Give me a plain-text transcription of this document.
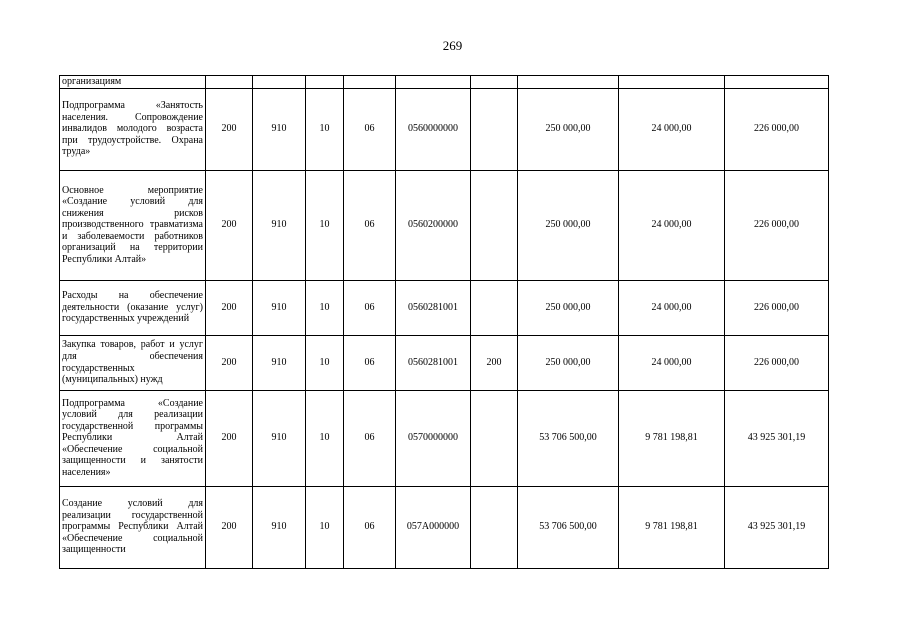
269
организациям									
Подпрограмма «Занятость населения. Сопровождение инвалидов молодого возраста при трудоустройстве. Охрана труда»	200	910	10	06	0560000000		250 000,00	24 000,00	226 000,00
Основное мероприятие «Создание условий для снижения рисков производственного травматизма и заболеваемости работников организаций на территории Республики Алтай»	200	910	10	06	0560200000		250 000,00	24 000,00	226 000,00
Расходы на обеспечение деятельности (оказание услуг) государственных учреждений	200	910	10	06	0560281001		250 000,00	24 000,00	226 000,00
Закупка товаров, работ и услуг для обеспечения государственных (муниципальных) нужд	200	910	10	06	0560281001	200	250 000,00	24 000,00	226 000,00
Подпрограмма «Создание условий для реализации государственной программы Республики Алтай «Обеспечение социальной защищенности и занятости населения»	200	910	10	06	0570000000		53 706 500,00	9 781 198,81	43 925 301,19
Создание условий для реализации государственной программы Республики Алтай «Обеспечение социальной защищенности	200	910	10	06	057A000000		53 706 500,00	9 781 198,81	43 925 301,19
